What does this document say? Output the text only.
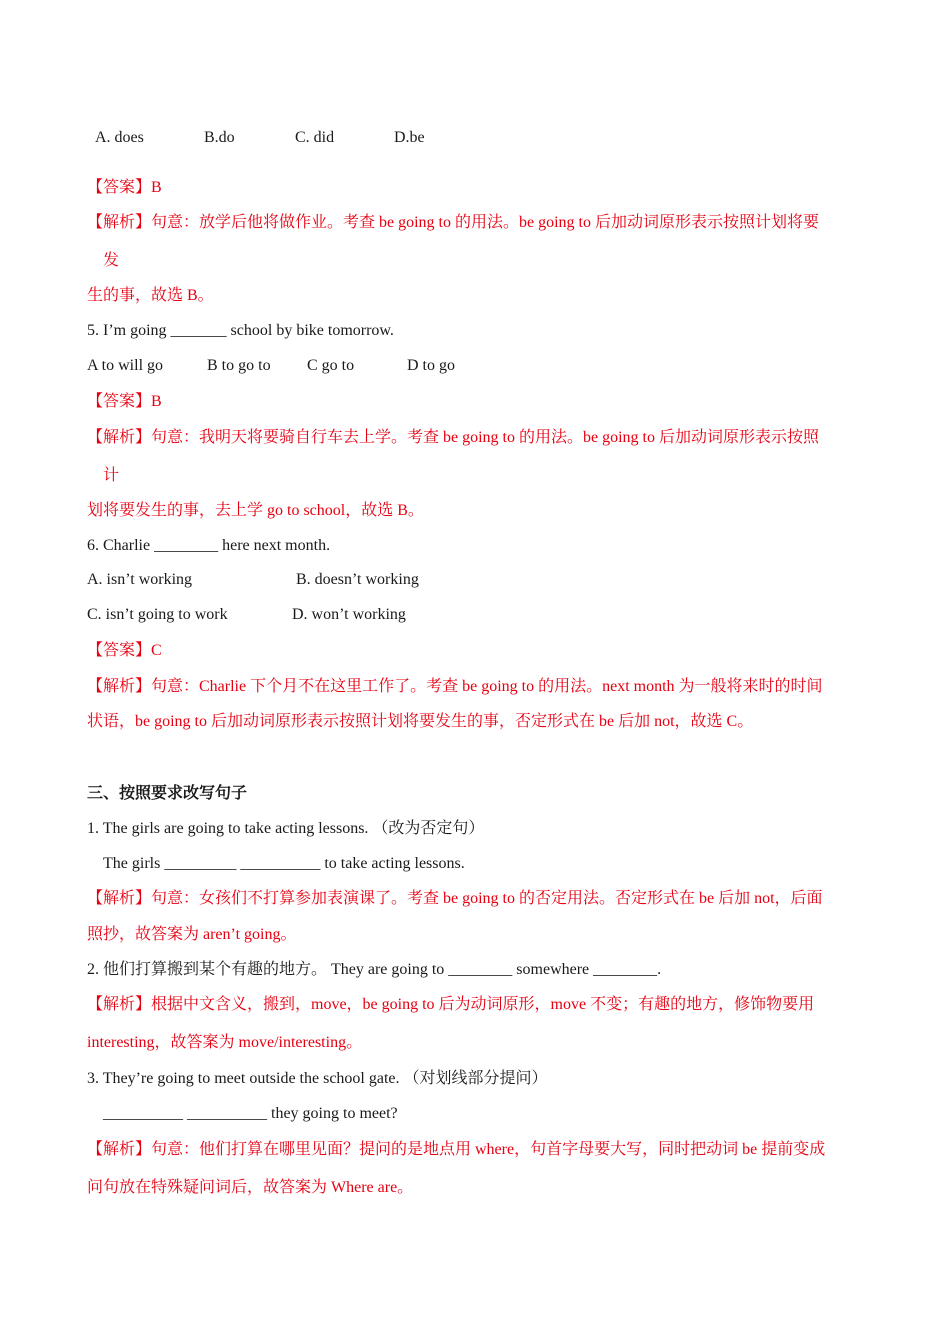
A. does	B.do	C. did	D.be
【答案】B
【解析】句意：放学后他将做作业。考查 be going to 的用法。be going to 后加动词原形表示按照计划将要
发
生的事，故选 B。
5. I’m going _______ school by bike tomorrow.
A to will go	B to go to C go to	D to go
【答案】B
【解析】句意：我明天将要骑自行车去上学。考查 be going to 的用法。be going to 后加动词原形表示按照
计
划将要发生的事，去上学 go to school，故选 B。
6. Charlie ________ here next month.
A. isn’t working	B. doesn’t working
C. isn’t going to work	D. won’t working
【答案】C
【解析】句意：Charlie 下个月不在这里工作了。考查 be going to 的用法。next month 为一般将来时的时间
状语，be going to 后加动词原形表示按照计划将要发生的事，否定形式在 be 后加 not，故选 C。
三、按照要求改写句子
1. The girls are going to take acting lessons. （改为否定句）
The girls _________ __________ to take acting lessons.
【解析】句意：女孩们不打算参加表演课了。考查 be going to 的否定用法。否定形式在 be 后加 not，后面
照抄，故答案为 aren’t going。
2. 他们打算搬到某个有趣的地方。 They are going to ________ somewhere ________.
【解析】根据中文含义，搬到，move，be going to 后为动词原形，move 不变；有趣的地方，修饰物要用
interesting，故答案为 move/interesting。
3. They’re going to meet outside the school gate. （对划线部分提问）
__________ __________ they going to meet?
【解析】句意：他们打算在哪里见面？提问的是地点用 where，句首字母要大写，同时把动词 be 提前变成
问句放在特殊疑问词后，故答案为 Where are。
